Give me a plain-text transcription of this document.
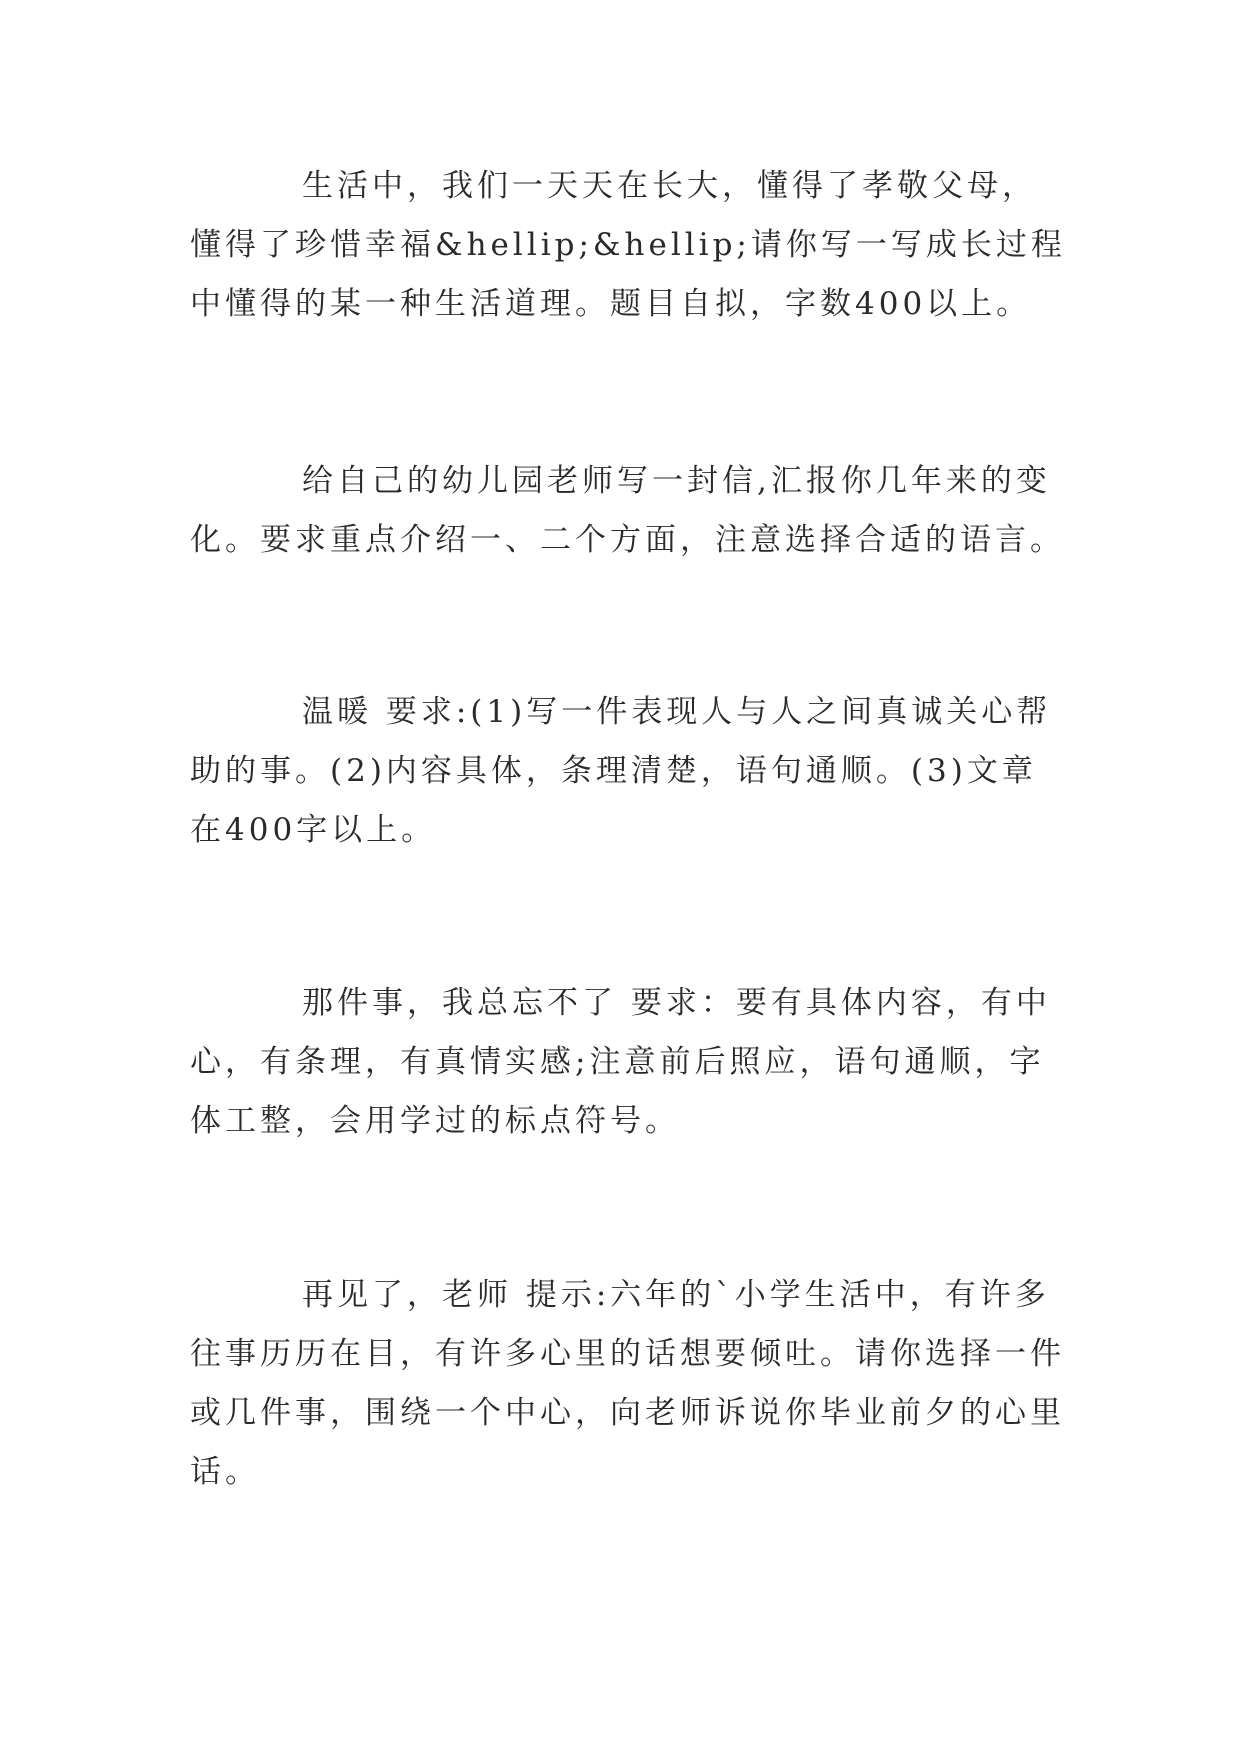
生活中，我们一天天在长大，懂得了孝敬父母，懂得了珍惜幸福&hellip;&hellip;请你写一写成长过程中懂得的某一种生活道理。题目自拟，字数400以上。

给自己的幼儿园老师写一封信,汇报你几年来的变化。要求重点介绍一、二个方面，注意选择合适的语言。

温暖 要求:(1)写一件表现人与人之间真诚关心帮助的事。(2)内容具体，条理清楚，语句通顺。(3)文章在400字以上。

那件事，我总忘不了 要求：要有具体内容，有中心，有条理，有真情实感;注意前后照应，语句通顺，字体工整，会用学过的标点符号。

再见了，老师 提示:六年的`小学生活中，有许多往事历历在目，有许多心里的话想要倾吐。请你选择一件或几件事，围绕一个中心，向老师诉说你毕业前夕的心里话。
